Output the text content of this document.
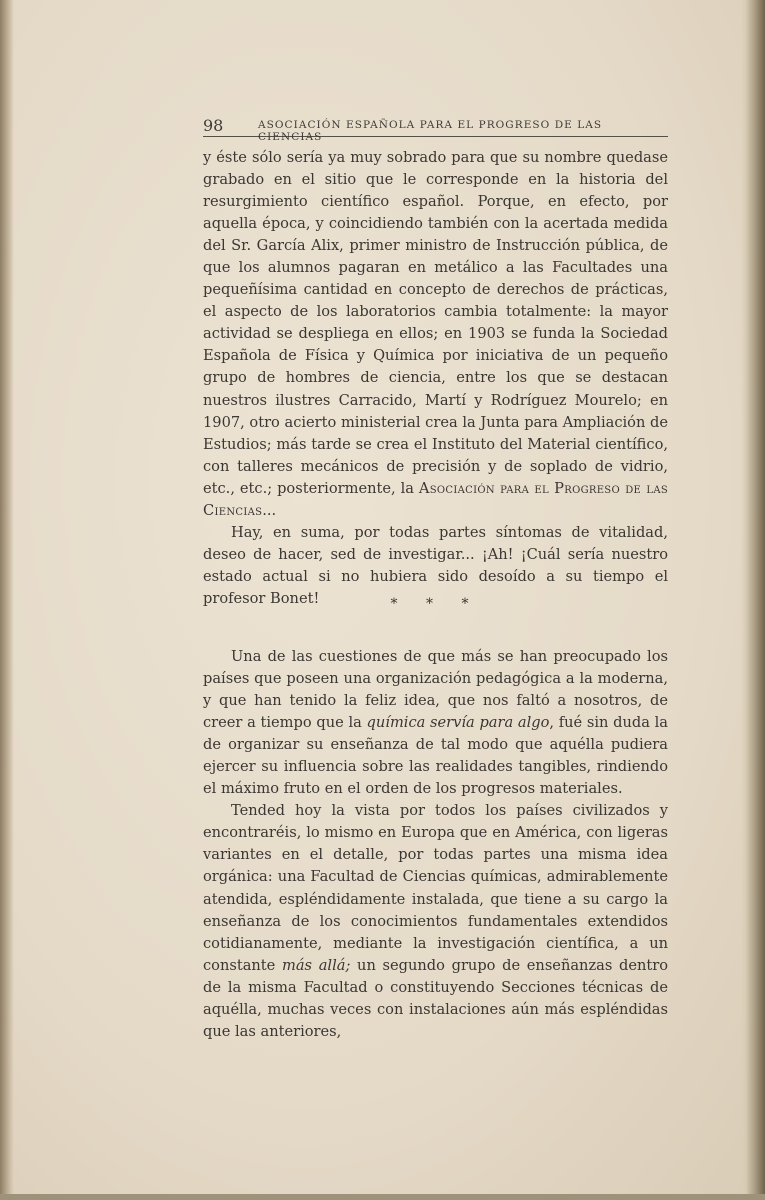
98	ASOCIACIÓN ESPAÑOLA PARA EL PROGRESO DE LAS CIENCIAS

y éste sólo sería ya muy sobrado para que su nombre quedase grabado en el sitio que le corresponde en la historia del resurgimiento científico español. Porque, en efecto, por aquella época, y coincidiendo también con la acertada medida del Sr. García Alix, primer ministro de Instrucción pública, de que los alumnos pagaran en metálico a las Facultades una pequeñísima cantidad en concepto de derechos de prácticas, el aspecto de los laboratorios cambia totalmente: la mayor actividad se despliega en ellos; en 1903 se funda la Sociedad Española de Física y Química por iniciativa de un pequeño grupo de hombres de ciencia, entre los que se destacan nuestros ilustres Carracido, Martí y Rodríguez Mourelo; en 1907, otro acierto ministerial crea la Junta para Ampliación de Estudios; más tarde se crea el Instituto del Material científico, con talleres mecánicos de precisión y de soplado de vidrio, etc., etc.; posteriormente, la Asociación para el Progreso de las Ciencias...

Hay, en suma, por todas partes síntomas de vitalidad, deseo de hacer, sed de investigar... ¡Ah! ¡Cuál sería nuestro estado actual si no hubiera sido desoído a su tiempo el profesor Bonet!	* * *

Una de las cuestiones de que más se han preocupado los países que poseen una organización pedagógica a la moderna, y que han tenido la feliz idea, que nos faltó a nosotros, de creer a tiempo que la química servía para algo, fué sin duda la de organizar su enseñanza de tal modo que aquélla pudiera ejercer su influencia sobre las realidades tangibles, rindiendo el máximo fruto en el orden de los progresos materiales.

Tended hoy la vista por todos los países civilizados y encontraréis, lo mismo en Europa que en América, con ligeras variantes en el detalle, por todas partes una misma idea orgánica: una Facultad de Ciencias químicas, admirablemente atendida, espléndidamente instalada, que tiene a su cargo la enseñanza de los conocimientos fundamentales extendidos cotidianamente, mediante la investigación científica, a un constante más allá; un segundo grupo de enseñanzas dentro de la misma Facultad o constituyendo Secciones técnicas de aquélla, muchas veces con instalaciones aún más espléndidas que las anteriores,
